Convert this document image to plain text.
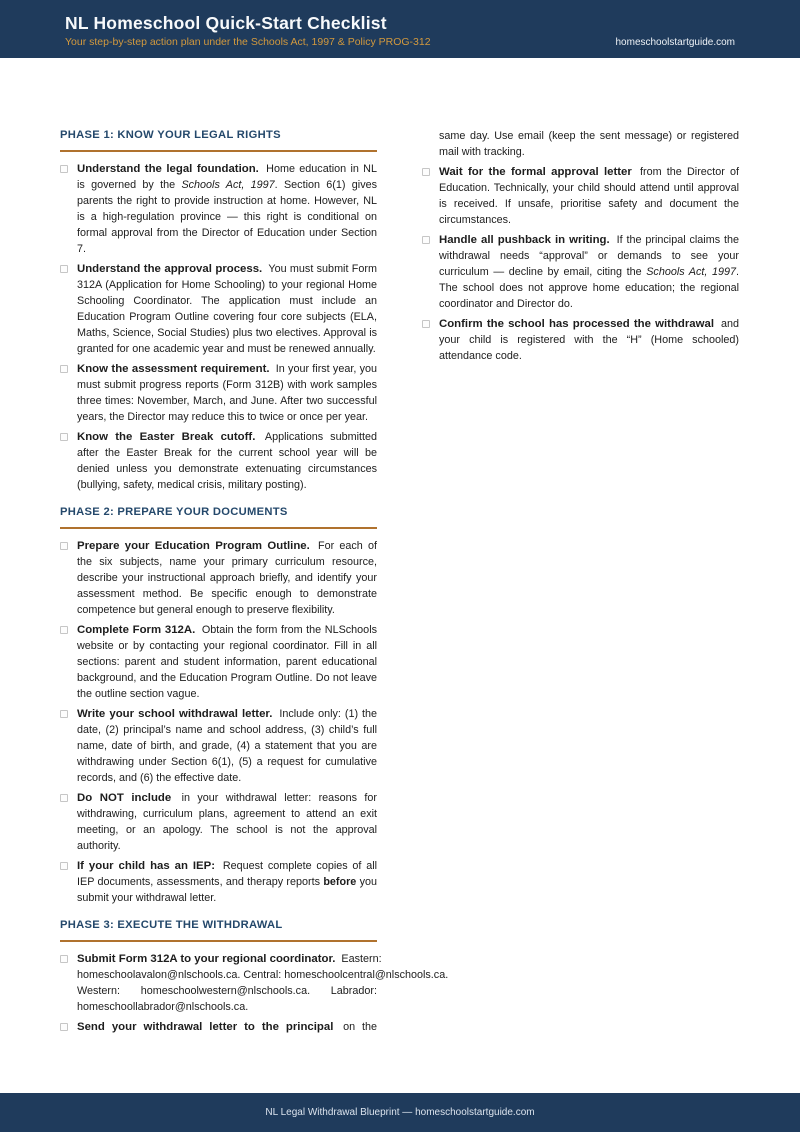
NL Homeschool Quick-Start Checklist
Your step-by-step action plan under the Schools Act, 1997 & Policy PROG-312	homeschoolstartguide.com
PHASE 1: KNOW YOUR LEGAL RIGHTS
Understand the legal foundation. Home education in NL is governed by the Schools Act, 1997. Section 6(1) gives parents the right to provide instruction at home. However, NL is a high-regulation province — this right is conditional on formal approval from the Director of Education under Section 7.
Understand the approval process. You must submit Form 312A (Application for Home Schooling) to your regional Home Schooling Coordinator. The application must include an Education Program Outline covering four core subjects (ELA, Maths, Science, Social Studies) plus two electives. Approval is granted for one academic year and must be renewed annually.
Know the assessment requirement. In your first year, you must submit progress reports (Form 312B) with work samples three times: November, March, and June. After two successful years, the Director may reduce this to twice or once per year.
Know the Easter Break cutoff. Applications submitted after the Easter Break for the current school year will be denied unless you demonstrate extenuating circumstances (bullying, safety, medical crisis, military posting).
PHASE 2: PREPARE YOUR DOCUMENTS
Prepare your Education Program Outline. For each of the six subjects, name your primary curriculum resource, describe your instructional approach briefly, and identify your assessment method. Be specific enough to demonstrate competence but general enough to preserve flexibility.
Complete Form 312A. Obtain the form from the NLSchools website or by contacting your regional coordinator. Fill in all sections: parent and student information, parent educational background, and the Education Program Outline. Do not leave the outline section vague.
Write your school withdrawal letter. Include only: (1) the date, (2) principal’s name and school address, (3) child’s full name, date of birth, and grade, (4) a statement that you are withdrawing under Section 6(1), (5) a request for cumulative records, and (6) the effective date.
Do NOT include in your withdrawal letter: reasons for withdrawing, curriculum plans, agreement to attend an exit meeting, or an apology. The school is not the approval authority.
If your child has an IEP: Request complete copies of all IEP documents, assessments, and therapy reports before you submit your withdrawal letter.
PHASE 3: EXECUTE THE WITHDRAWAL
Submit Form 312A to your regional coordinator. Eastern:
homeschoolavalon@nlschools.ca. Central: homeschoolcentral@nlschools.ca.
Western: homeschoolwestern@nlschools.ca. Labrador:
homeschoollabrador@nlschools.ca.
Send your withdrawal letter to the principal on the
same day. Use email (keep the sent message) or registered mail with tracking.
Wait for the formal approval letter from the Director of Education. Technically, your child should attend until approval is received. If unsafe, prioritise safety and document the circumstances.
Handle all pushback in writing. If the principal claims the withdrawal needs “approval” or demands to see your curriculum — decline by email, citing the Schools Act, 1997. The school does not approve home education; the regional coordinator and Director do.
Confirm the school has processed the withdrawal and your child is registered with the “H” (Home schooled) attendance code.
NL Legal Withdrawal Blueprint — homeschoolstartguide.com
